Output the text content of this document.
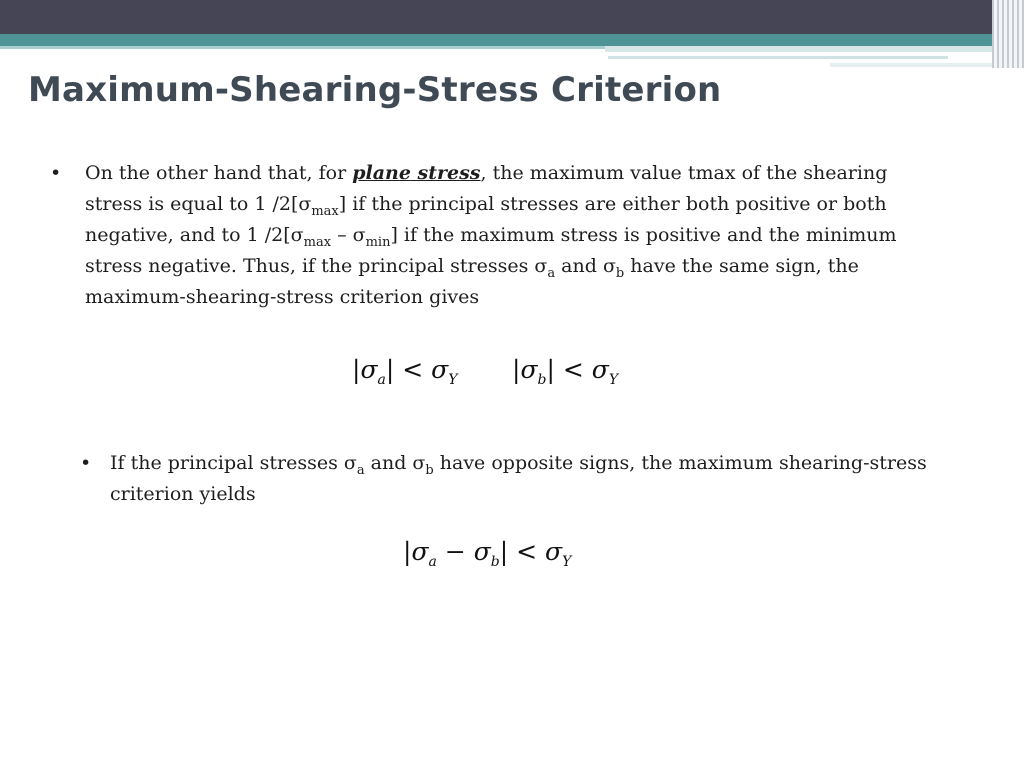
Maximum-Shearing-Stress Criterion
• On the other hand that, for plane stress, the maximum value tmax of the shearing stress is equal to 1 $/2[\sigma_{max}]$ if the principal stresses are either both positive or both negative, and to 1 $/2[\sigma_{max} - \sigma_{min}]$ if the maximum stress is positive and the minimum stress negative. Thus, if the principal stresses $\sigma_a$ and $\sigma_b$ have the same sign, the maximum-shearing-stress criterion gives
$|\sigma_a| < \sigma_Y$ $|\sigma_b| < \sigma_Y$
• If the principal stresses $\sigma_a$ and $\sigma_b$ have opposite signs, the maximum shearing-stress criterion yields
$|\sigma_a - \sigma_b| < \sigma_Y$
